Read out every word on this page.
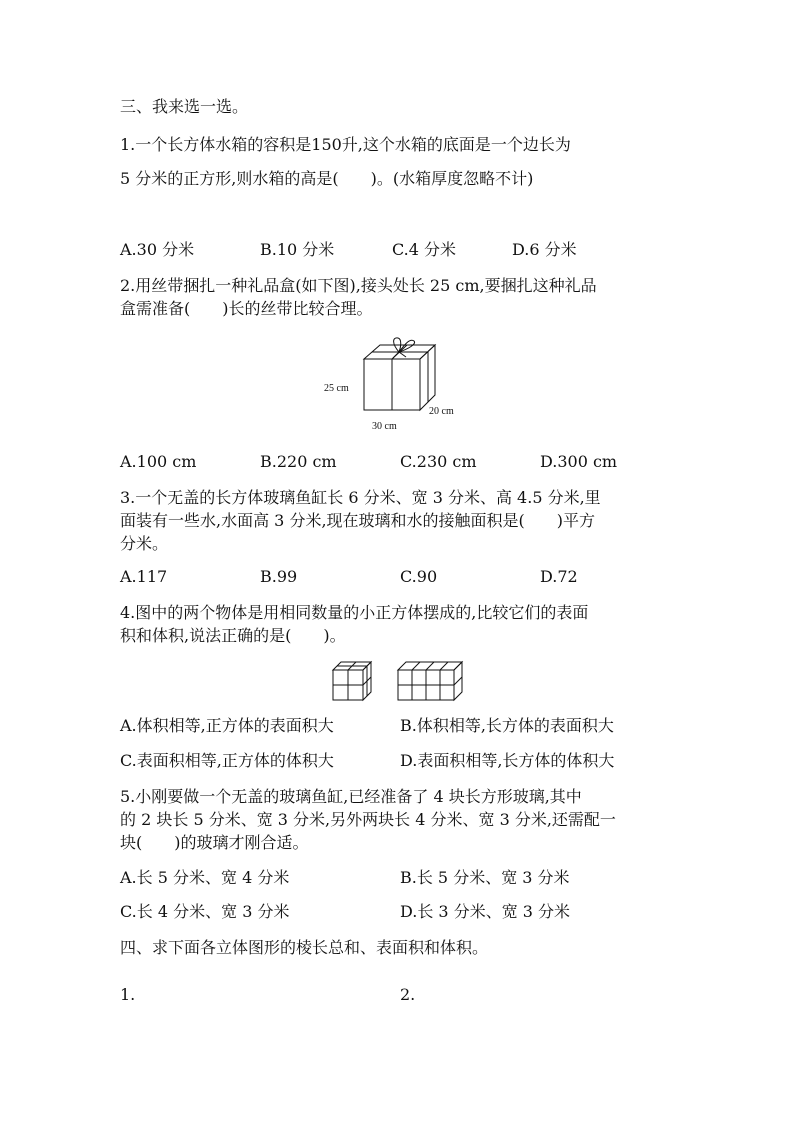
三、我来选一选。
1.一个长方体水箱的容积是150升,这个水箱的底面是一个边长为
5 分米的正方形,则水箱的高是(　　)。(水箱厚度忽略不计)
A.30 分米	B.10 分米	C.4 分米	D.6 分米
2.用丝带捆扎一种礼品盒(如下图),接头处长 25 cm,要捆扎这种礼品
盒需准备(　　)长的丝带比较合理。
25 cm
20 cm
30 cm
A.100 cm	B.220 cm	C.230 cm	D.300 cm
3.一个无盖的长方体玻璃鱼缸长 6 分米、宽 3 分米、高 4.5 分米,里
面装有一些水,水面高 3 分米,现在玻璃和水的接触面积是(　　)平方
分米。
A.117	B.99	C.90	D.72
4.图中的两个物体是用相同数量的小正方体摆成的,比较它们的表面
积和体积,说法正确的是(　　)。
A.体积相等,正方体的表面积大	B.体积相等,长方体的表面积大
C.表面积相等,正方体的体积大	D.表面积相等,长方体的体积大
5.小刚要做一个无盖的玻璃鱼缸,已经准备了 4 块长方形玻璃,其中
的 2 块长 5 分米、宽 3 分米,另外两块长 4 分米、宽 3 分米,还需配一
块(　　)的玻璃才刚合适。
A.长 5 分米、宽 4 分米	B.长 5 分米、宽 3 分米
C.长 4 分米、宽 3 分米	D.长 3 分米、宽 3 分米
四、求下面各立体图形的棱长总和、表面积和体积。
1.	2.
